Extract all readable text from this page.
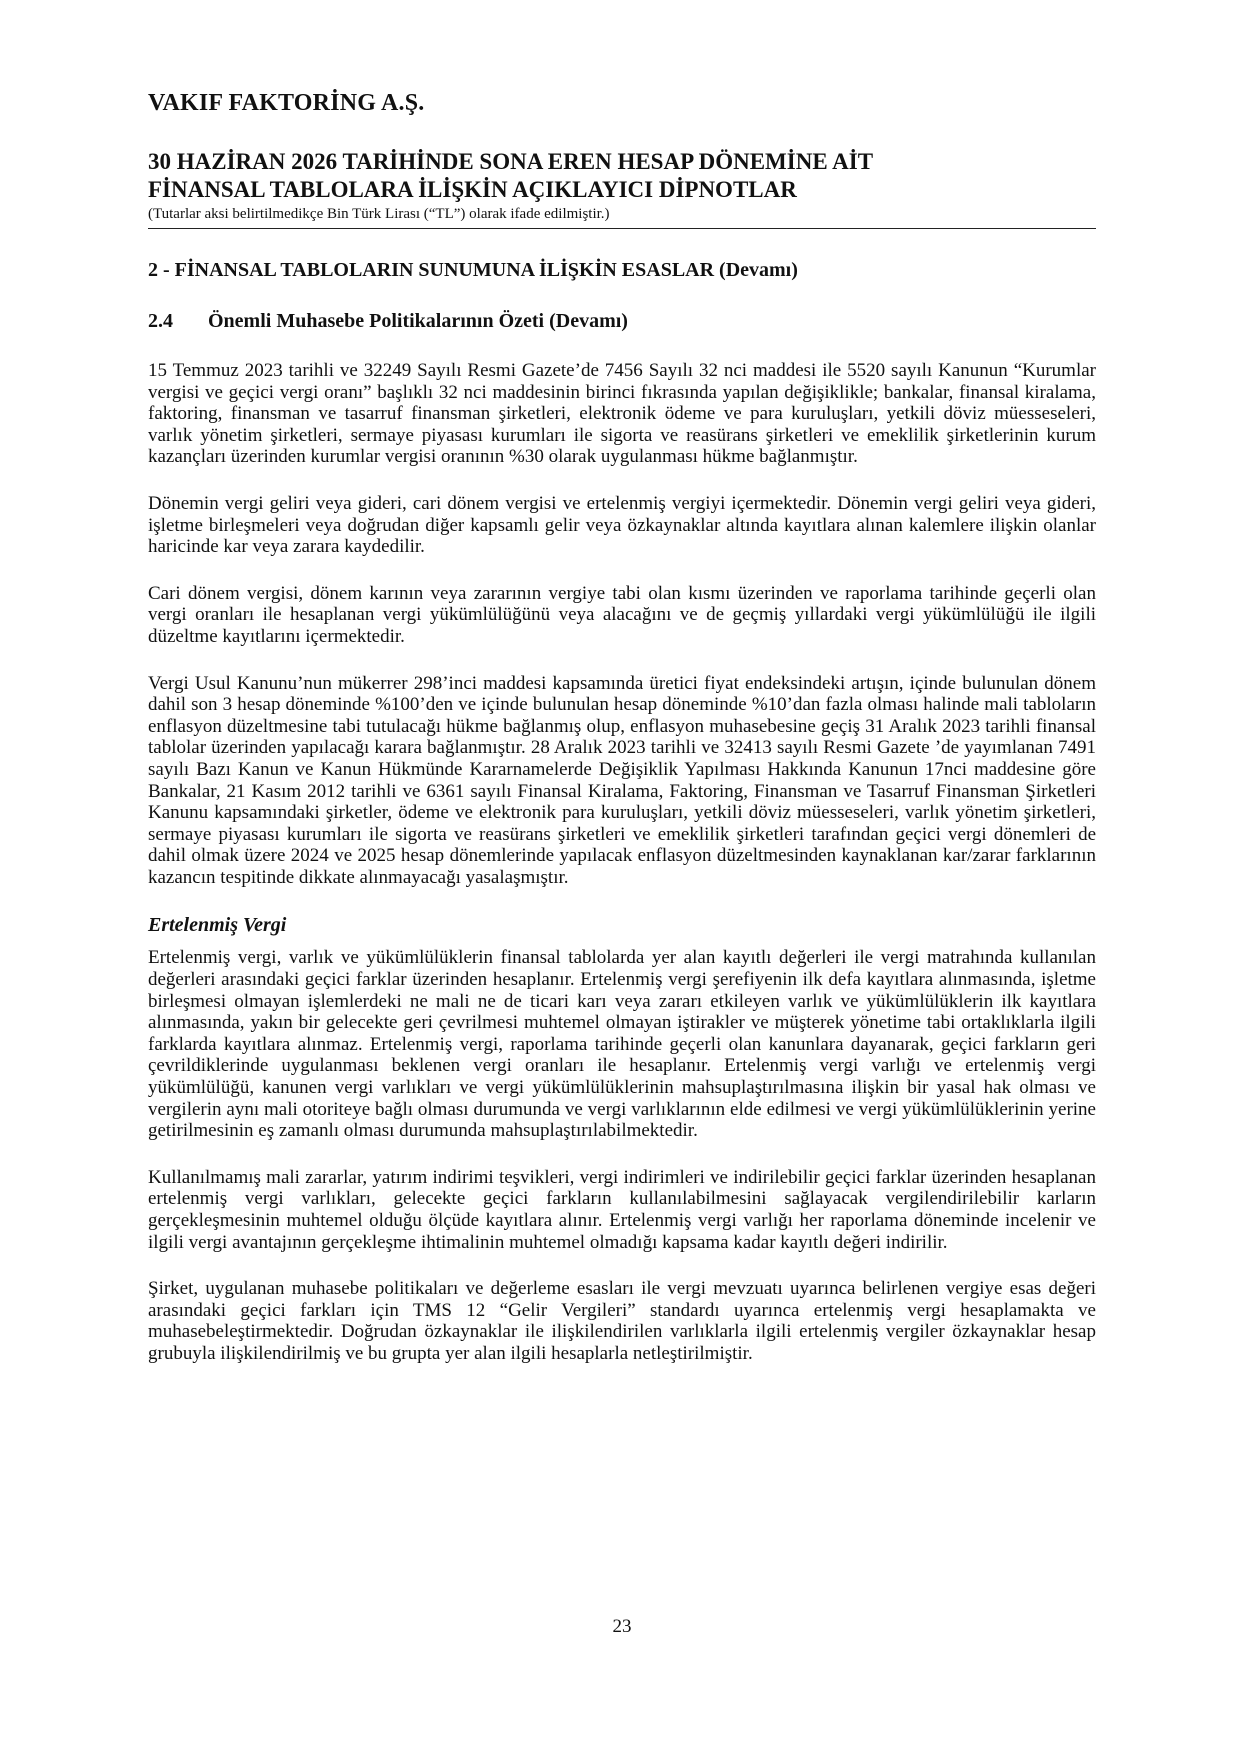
VAKIF FAKTORİNG A.Ş.
30 HAZİRAN 2026 TARİHİNDE SONA EREN HESAP DÖNEMİNE AİT
FİNANSAL TABLOLARA İLİŞKİN AÇIKLAYICI DİPNOTLAR

(Tutarlar aksi belirtilmedikçe Bin Türk Lirası (“TL”) olarak ifade edilmiştir.)

2 - FİNANSAL TABLOLARIN SUNUMUNA İLİŞKİN ESASLAR (Devamı)
2.4 Önemli Muhasebe Politikalarının Özeti (Devamı)

15 Temmuz 2023 tarihli ve 32249 Sayılı Resmi Gazete’de 7456 Sayılı 32 nci maddesi ile 5520 sayılı Kanunun “Kurumlar vergisi ve geçici vergi oranı” başlıklı 32 nci maddesinin birinci fıkrasında yapılan değişiklikle; bankalar, finansal kiralama, faktoring, finansman ve tasarruf finansman şirketleri, elektronik ödeme ve para kuruluşları, yetkili döviz müesseseleri, varlık yönetim şirketleri, sermaye piyasası kurumları ile sigorta ve reasürans şirketleri ve emeklilik şirketlerinin kurum kazançları üzerinden kurumlar vergisi oranının %30 olarak uygulanması hükme bağlanmıştır.

Dönemin vergi geliri veya gideri, cari dönem vergisi ve ertelenmiş vergiyi içermektedir. Dönemin vergi geliri veya gideri, işletme birleşmeleri veya doğrudan diğer kapsamlı gelir veya özkaynaklar altında kayıtlara alınan kalemlere ilişkin olanlar haricinde kar veya zarara kaydedilir.

Cari dönem vergisi, dönem karının veya zararının vergiye tabi olan kısmı üzerinden ve raporlama tarihinde geçerli olan vergi oranları ile hesaplanan vergi yükümlülüğünü veya alacağını ve de geçmiş yıllardaki vergi yükümlülüğü ile ilgili düzeltme kayıtlarını içermektedir.

Vergi Usul Kanunu’nun mükerrer 298’inci maddesi kapsamında üretici fiyat endeksindeki artışın, içinde bulunulan dönem dahil son 3 hesap döneminde %100’den ve içinde bulunulan hesap döneminde %10’dan fazla olması halinde mali tabloların enflasyon düzeltmesine tabi tutulacağı hükme bağlanmış olup, enflasyon muhasebesine geçiş 31 Aralık 2023 tarihli finansal tablolar üzerinden yapılacağı karara bağlanmıştır. 28 Aralık 2023 tarihli ve 32413 sayılı Resmi Gazete ’de yayımlanan 7491 sayılı Bazı Kanun ve Kanun Hükmünde Kararnamelerde Değişiklik Yapılması Hakkında Kanunun 17nci maddesine göre Bankalar, 21 Kasım 2012 tarihli ve 6361 sayılı Finansal Kiralama, Faktoring, Finansman ve Tasarruf Finansman Şirketleri Kanunu kapsamındaki şirketler, ödeme ve elektronik para kuruluşları, yetkili döviz müesseseleri, varlık yönetim şirketleri, sermaye piyasası kurumları ile sigorta ve reasürans şirketleri ve emeklilik şirketleri tarafından geçici vergi dönemleri de dahil olmak üzere 2024 ve 2025 hesap dönemlerinde yapılacak enflasyon düzeltmesinden kaynaklanan kar/zarar farklarının kazancın tespitinde dikkate alınmayacağı yasalaşmıştır.

Ertelenmiş Vergi

Ertelenmiş vergi, varlık ve yükümlülüklerin finansal tablolarda yer alan kayıtlı değerleri ile vergi matrahında kullanılan değerleri arasındaki geçici farklar üzerinden hesaplanır. Ertelenmiş vergi şerefiyenin ilk defa kayıtlara alınmasında, işletme birleşmesi olmayan işlemlerdeki ne mali ne de ticari karı veya zararı etkileyen varlık ve yükümlülüklerin ilk kayıtlara alınmasında, yakın bir gelecekte geri çevrilmesi muhtemel olmayan iştirakler ve müşterek yönetime tabi ortaklıklarla ilgili farklarda kayıtlara alınmaz. Ertelenmiş vergi, raporlama tarihinde geçerli olan kanunlara dayanarak, geçici farkların geri çevrildiklerinde uygulanması beklenen vergi oranları ile hesaplanır. Ertelenmiş vergi varlığı ve ertelenmiş vergi yükümlülüğü, kanunen vergi varlıkları ve vergi yükümlülüklerinin mahsuplaştırılmasına ilişkin bir yasal hak olması ve vergilerin aynı mali otoriteye bağlı olması durumunda ve vergi varlıklarının elde edilmesi ve vergi yükümlülüklerinin yerine getirilmesinin eş zamanlı olması durumunda mahsuplaştırılabilmektedir.

Kullanılmamış mali zararlar, yatırım indirimi teşvikleri, vergi indirimleri ve indirilebilir geçici farklar üzerinden hesaplanan ertelenmiş vergi varlıkları, gelecekte geçici farkların kullanılabilmesini sağlayacak vergilendirilebilir karların gerçekleşmesinin muhtemel olduğu ölçüde kayıtlara alınır. Ertelenmiş vergi varlığı her raporlama döneminde incelenir ve ilgili vergi avantajının gerçekleşme ihtimalinin muhtemel olmadığı kapsama kadar kayıtlı değeri indirilir.

Şirket, uygulanan muhasebe politikaları ve değerleme esasları ile vergi mevzuatı uyarınca belirlenen vergiye esas değeri arasındaki geçici farkları için TMS 12 “Gelir Vergileri” standardı uyarınca ertelenmiş vergi hesaplamakta ve muhasebeleştirmektedir. Doğrudan özkaynaklar ile ilişkilendirilen varlıklarla ilgili ertelenmiş vergiler özkaynaklar hesap grubuyla ilişkilendirilmiş ve bu grupta yer alan ilgili hesaplarla netleştirilmiştir.

23
